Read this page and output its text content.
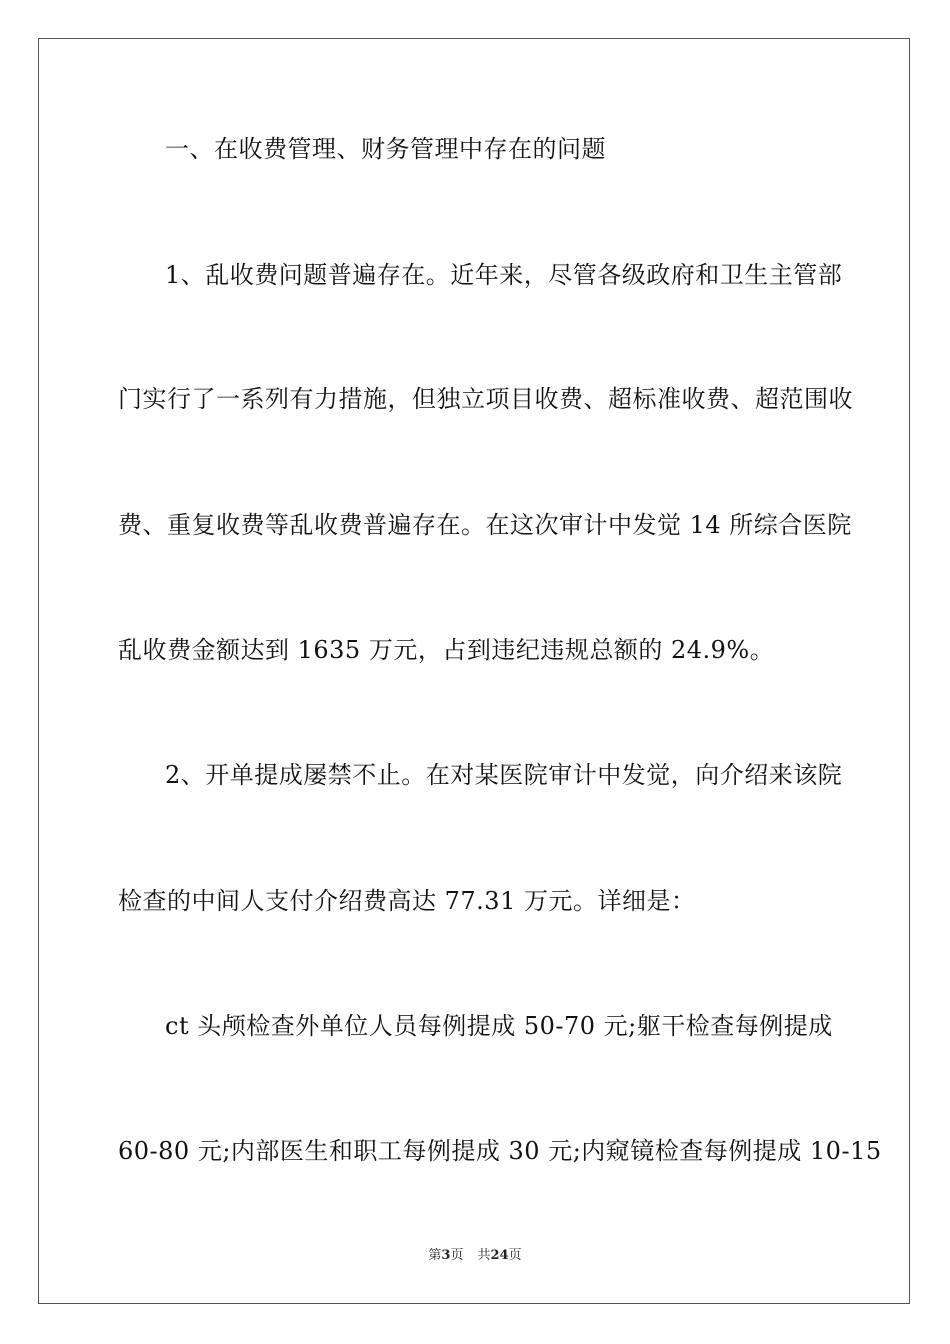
一、在收费管理、财务管理中存在的问题
1、乱收费问题普遍存在。近年来，尽管各级政府和卫生主管部
门实行了一系列有力措施，但独立项目收费、超标准收费、超范围收
费、重复收费等乱收费普遍存在。在这次审计中发觉 14 所综合医院
乱收费金额达到 1635 万元，占到违纪违规总额的 24.9%。
2、开单提成屡禁不止。在对某医院审计中发觉，向介绍来该院
检查的中间人支付介绍费高达 77.31 万元。详细是：
ct 头颅检查外单位人员每例提成 50-70 元;躯干检查每例提成
60-80 元;内部医生和职工每例提成 30 元;内窥镜检查每例提成 10-15
第3页 共24页
